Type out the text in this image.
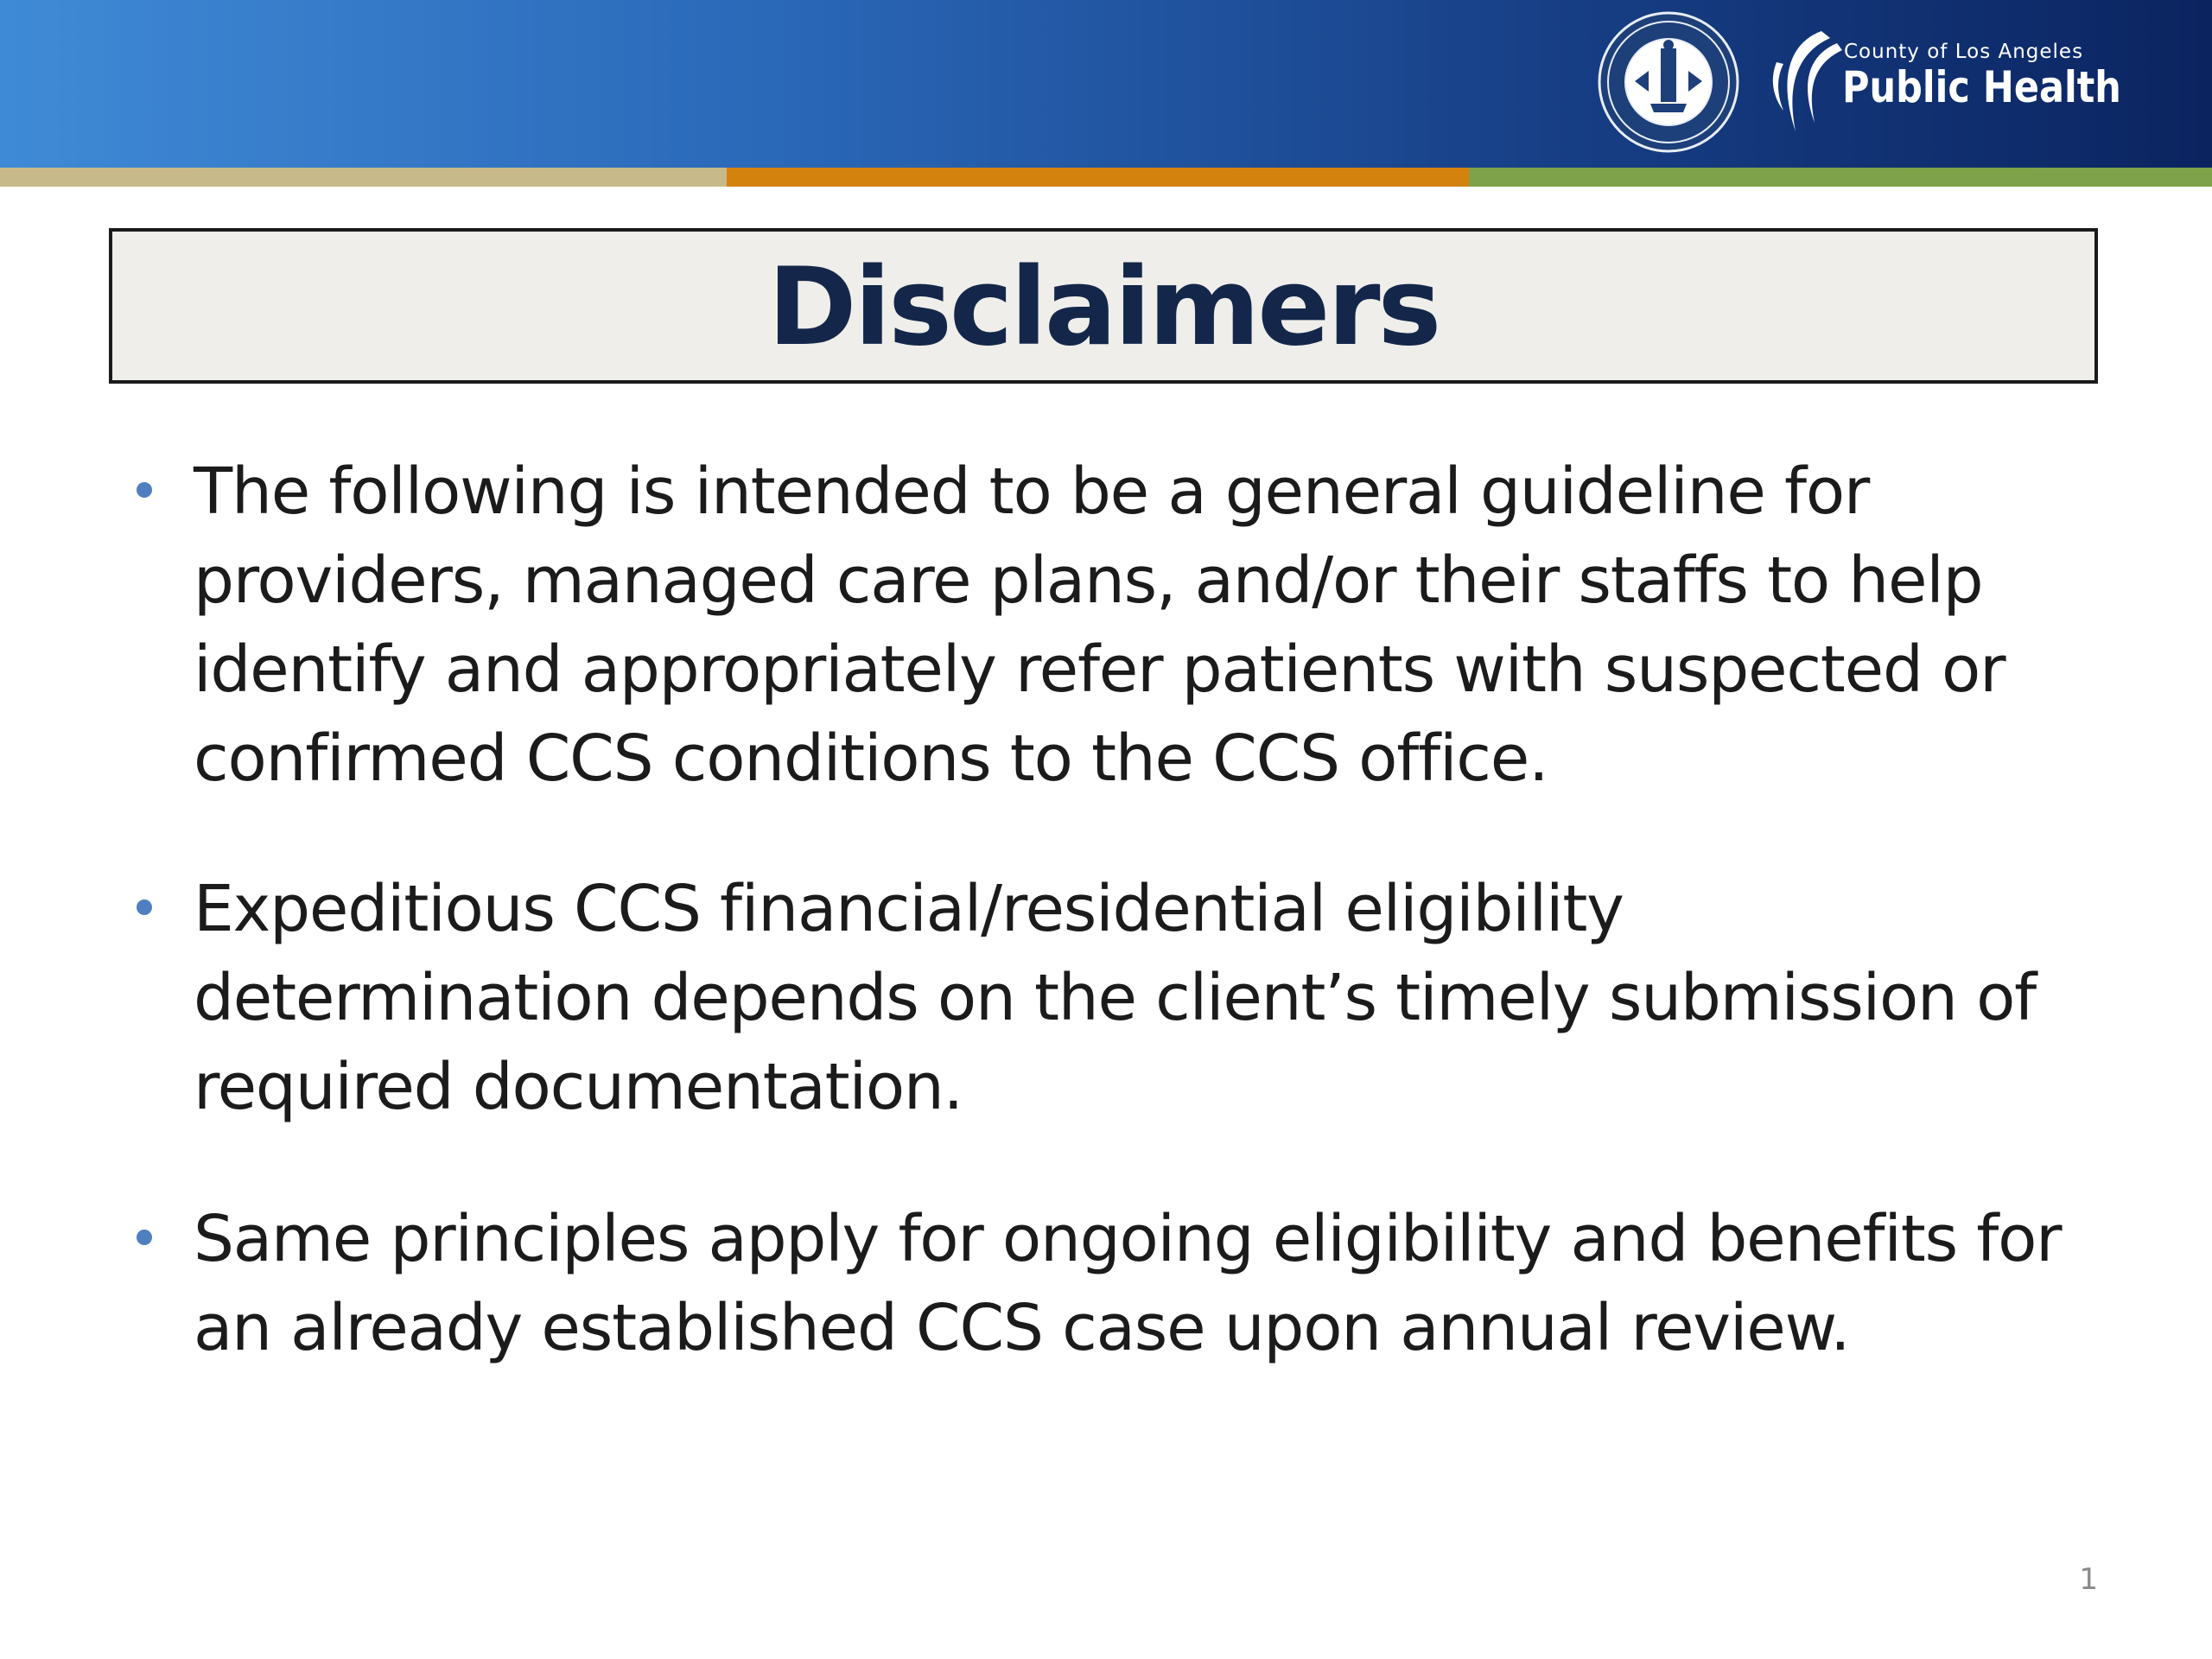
County of Los Angeles
Public Health
Disclaimers
The following is intended to be a general guideline for
providers, managed care plans, and/or their staffs to help
identify and appropriately refer patients with suspected or
confirmed CCS conditions to the CCS office.
Expeditious CCS financial/residential eligibility
determination depends on the client’s timely submission of
required documentation.
Same principles apply for ongoing eligibility and benefits for
an already established CCS case upon annual review.
1
